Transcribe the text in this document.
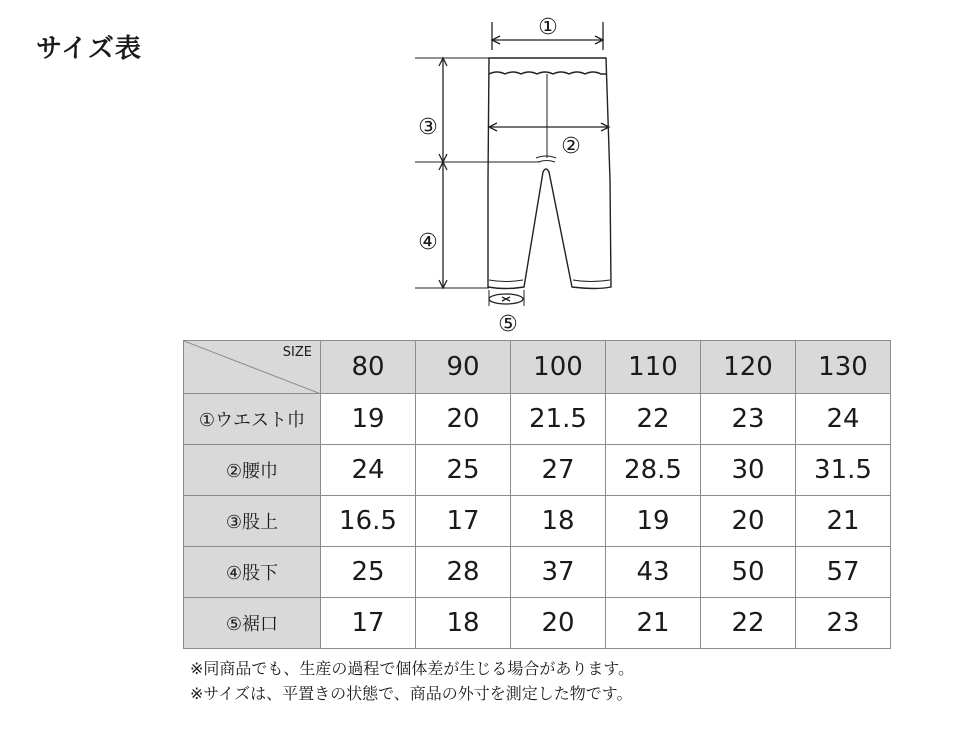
サイズ表
①
②
③
④
⑤
SIZE	80	90	100	110	120	130
①ウエスト巾	19	20	21.5	22	23	24
②腰巾	24	25	27	28.5	30	31.5
③股上	16.5	17	18	19	20	21
④股下	25	28	37	43	50	57
⑤裾口	17	18	20	21	22	23
※同商品でも、生産の過程で個体差が生じる場合があります。
※サイズは、平置きの状態で、商品の外寸を測定した物です。
